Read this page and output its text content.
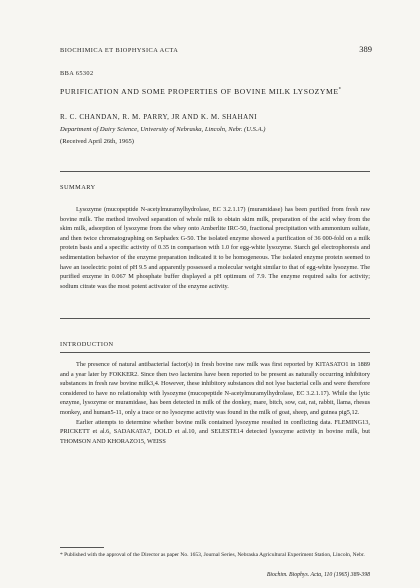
BIOCHIMICA ET BIOPHYSICA ACTA	389
BBA 65302
PURIFICATION AND SOME PROPERTIES OF BOVINE MILK LYSOZYME*
R. C. CHANDAN, R. M. PARRY, JR AND K. M. SHAHANI
Department of Dairy Science, University of Nebraska, Lincoln, Nebr. (U.S.A.)
(Received April 26th, 1965)
SUMMARY

Lysozyme (mucopeptide N-acetylmuramylhydrolase, EC 3.2.1.17) (muramidase) has been purified from fresh raw bovine milk. The method involved separation of whole milk to obtain skim milk, preparation of the acid whey from the skim milk, adsorption of lysozyme from the whey onto Amberlite IRC-50, fractional precipitation with ammonium sulfate, and then twice chromatographing on Sephadex G-50. The isolated enzyme showed a purification of 36 000-fold on a milk protein basis and a specific activity of 0.35 in comparison with 1.0 for egg-white lysozyme. Starch gel electrophoresis and sedimentation behavior of the enzyme preparation indicated it to be homogeneous. The isolated enzyme protein seemed to have an isoelectric point of pH 9.5 and apparently possessed a molecular weight similar to that of egg-white lysozyme. The purified enzyme in 0.067 M phosphate buffer displayed a pH optimum of 7.9. The enzyme required salts for activity; sodium citrate was the most potent activator of the enzyme activity.

INTRODUCTION

The presence of natural antibacterial factor(s) in fresh bovine raw milk was first reported by KITASATO1 in 1889 and a year later by FOKKER2. Since then two lactenins have been reported to be present as naturally occurring inhibitory substances in fresh raw bovine milk3,4. However, these inhibitory substances did not lyse bacterial cells and were therefore considered to have no relationship with lysozyme (mucopeptide N-acetylmuramylhydrolase, EC 3.2.1.17). While the lytic enzyme, lysozyme or muramidase, has been detected in milk of the donkey, mare, bitch, sow, cat, rat, rabbit, llama, rhesus monkey, and human5-11, only a trace or no lysozyme activity was found in the milk of goat, sheep, and guinea pig5,12.

Earlier attempts to determine whether bovine milk contained lysozyme resulted in conflicting data. FLEMING13, PRICKETT et al.6, SADAKATA7, DOLD et al.10, and SELESTE14 detected lysozyme activity in bovine milk, but THOMSON AND KHORAZO15, WEISS

* Published with the approval of the Director as paper No. 1653, Journal Series, Nebraska Agricultural Experiment Station, Lincoln, Nebr.
Biochim. Biophys. Acta, 110 (1965) 389-398
